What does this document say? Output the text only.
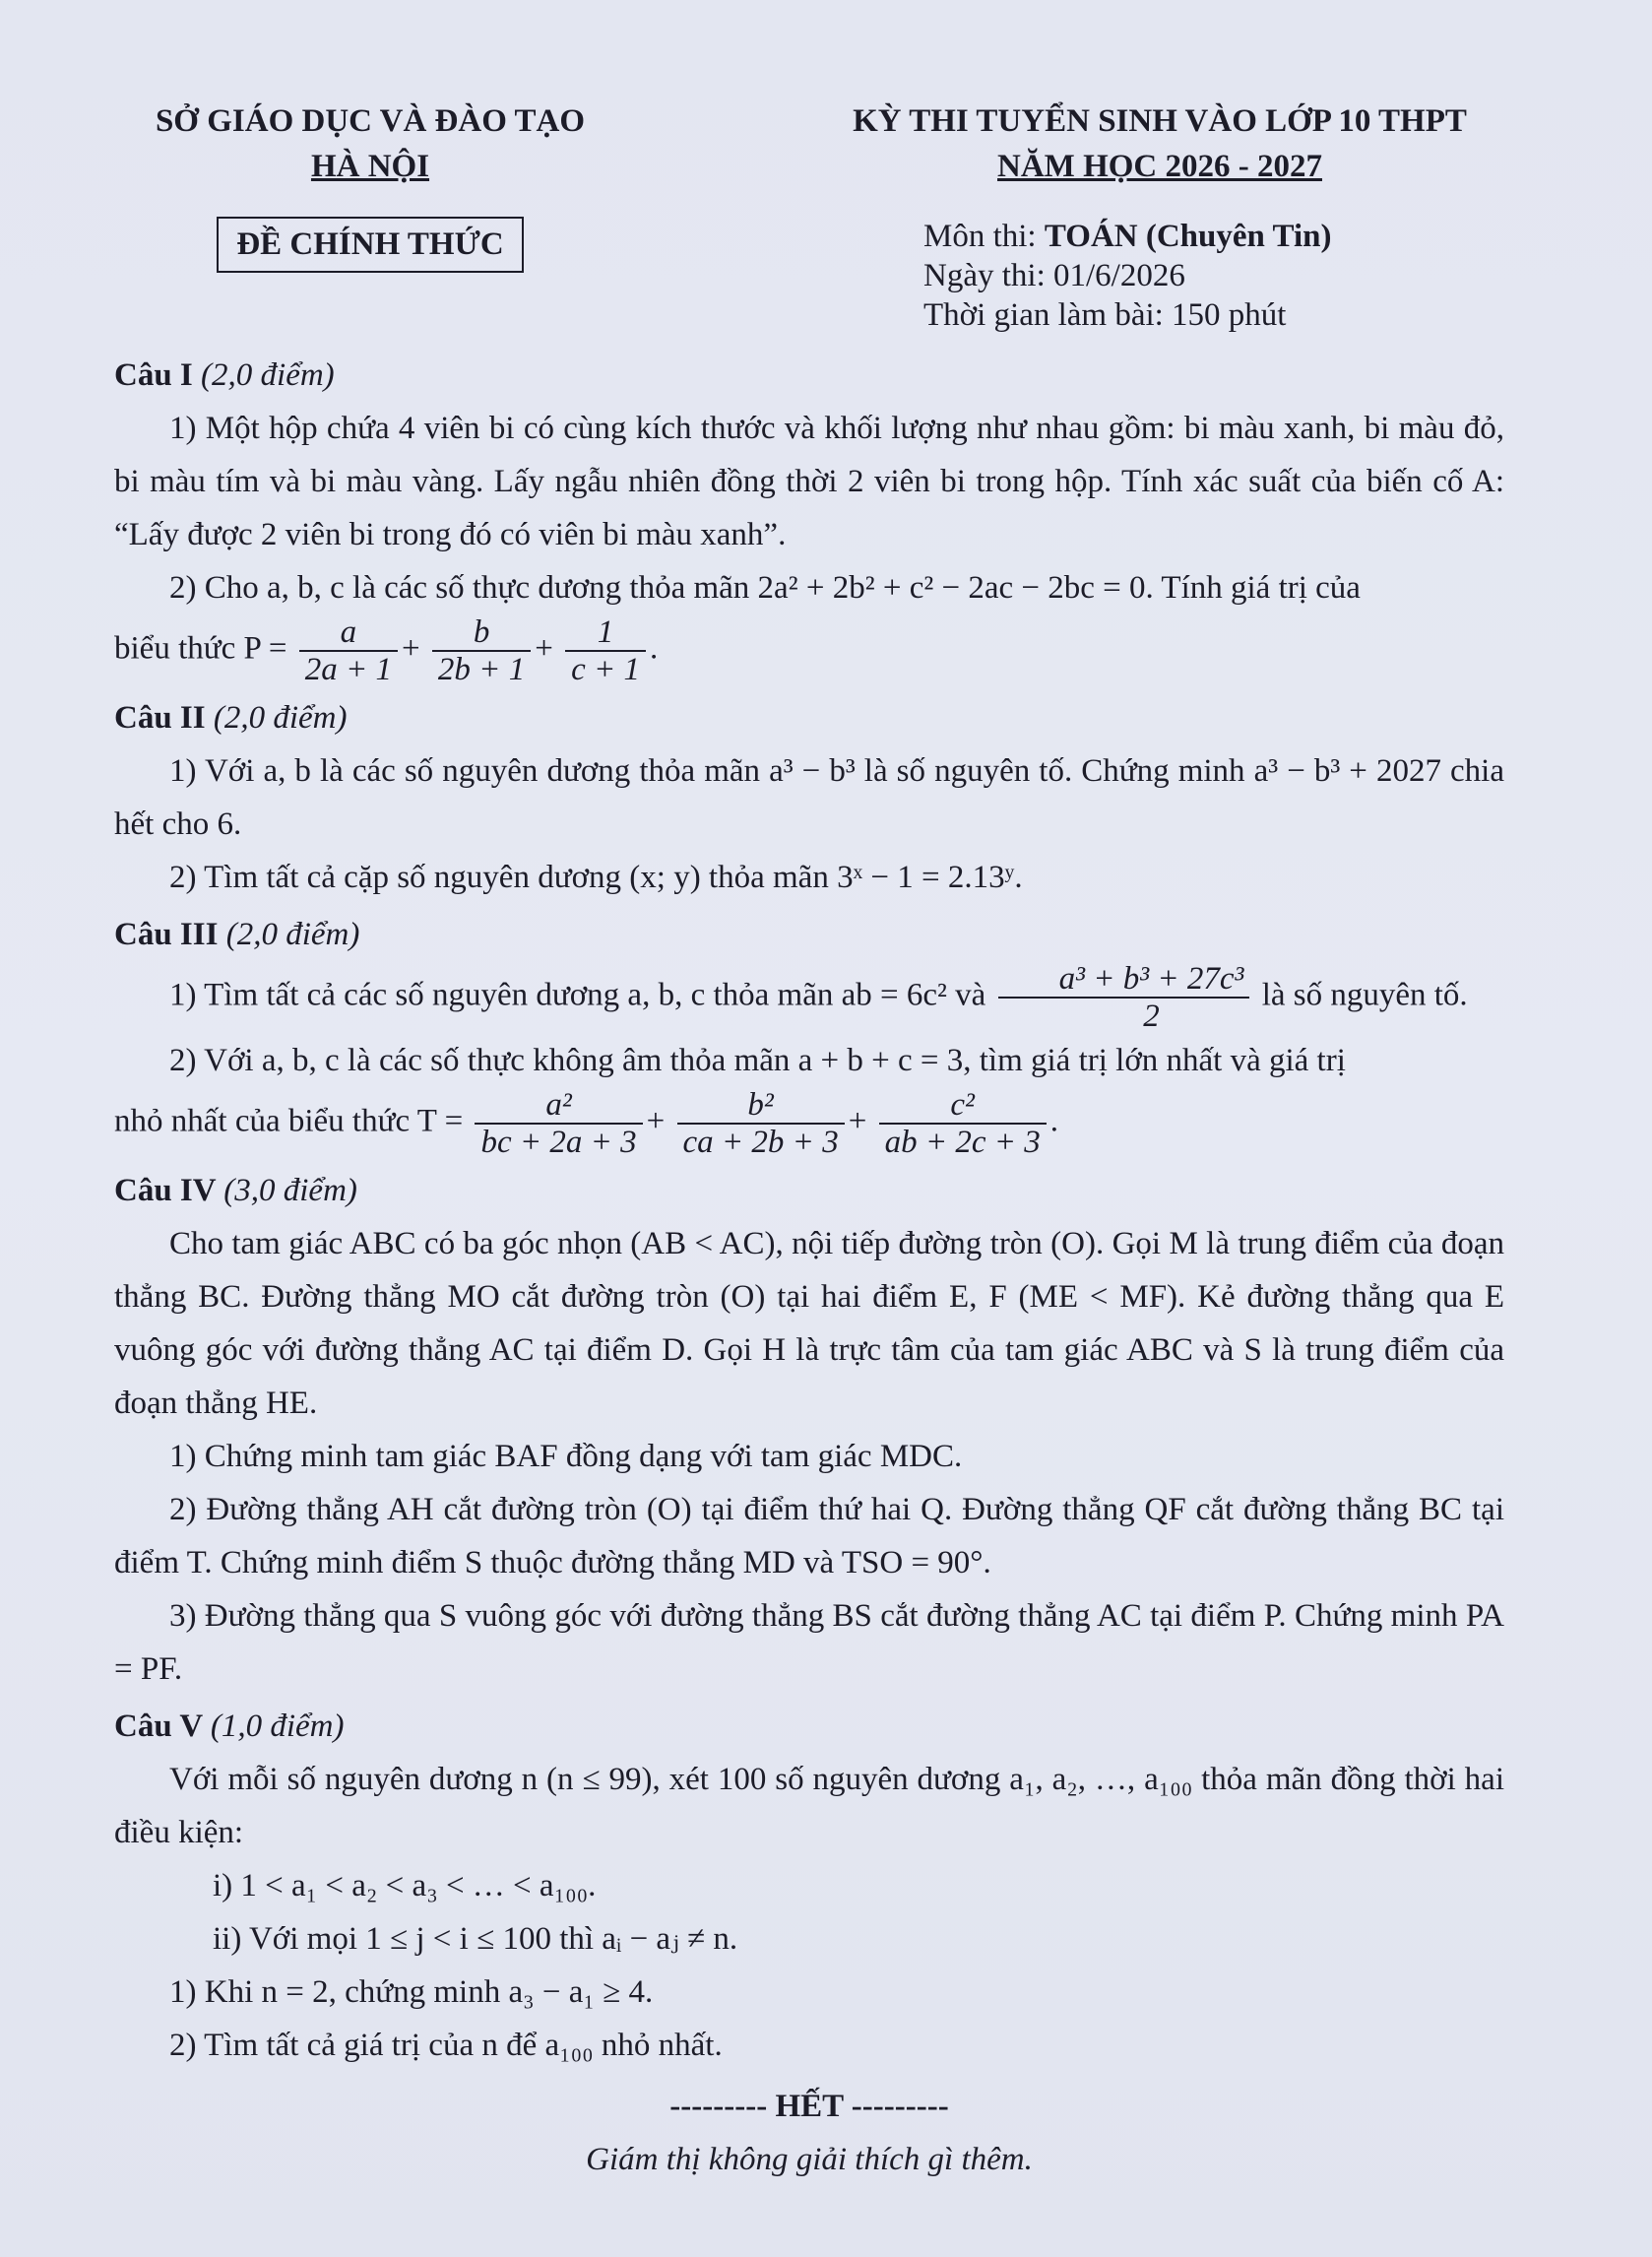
SỞ GIÁO DỤC VÀ ĐÀO TẠO
HÀ NỘI
ĐỀ CHÍNH THỨC
KỲ THI TUYỂN SINH VÀO LỚP 10 THPT
NĂM HỌC 2026 - 2027
Môn thi: TOÁN (Chuyên Tin)
Ngày thi: 01/6/2026
Thời gian làm bài: 150 phút
Câu I (2,0 điểm)
1) Một hộp chứa 4 viên bi có cùng kích thước và khối lượng như nhau gồm: bi màu xanh, bi màu đỏ, bi màu tím và bi màu vàng. Lấy ngẫu nhiên đồng thời 2 viên bi trong hộp. Tính xác suất của biến cố A: “Lấy được 2 viên bi trong đó có viên bi màu xanh”.
2) Cho a, b, c là các số thực dương thỏa mãn 2a² + 2b² + c² − 2ac − 2bc = 0. Tính giá trị của
biểu thức $P = \frac{a}{2a + 1} + \frac{b}{2b + 1} + \frac{1}{c + 1}$ .
Câu II (2,0 điểm)
1) Với a, b là các số nguyên dương thỏa mãn a³ − b³ là số nguyên tố. Chứng minh a³ − b³ + 2027 chia hết cho 6.
2) Tìm tất cả cặp số nguyên dương (x; y) thỏa mãn 3ˣ − 1 = 2.13ʸ.
Câu III (2,0 điểm)
1) Tìm tất cả các số nguyên dương a, b, c thỏa mãn ab = 6c² và $\frac{\text{a³ + b³ + 27c³}}{2}$ là số nguyên tố.
2) Với a, b, c là các số thực không âm thỏa mãn a + b + c = 3, tìm giá trị lớn nhất và giá trị
nhỏ nhất của biểu thức $T = \frac{\text{a²}}{bc + 2a + 3} + \frac{\text{b²}}{ca + 2b + 3} + \frac{\text{c²}}{ab + 2c + 3}$ .
Câu IV (3,0 điểm)
Cho tam giác ABC có ba góc nhọn (AB < AC), nội tiếp đường tròn (O). Gọi M là trung điểm của đoạn thẳng BC. Đường thẳng MO cắt đường tròn (O) tại hai điểm E, F (ME < MF). Kẻ đường thẳng qua E vuông góc với đường thẳng AC tại điểm D. Gọi H là trực tâm của tam giác ABC và S là trung điểm của đoạn thẳng HE.
1) Chứng minh tam giác BAF đồng dạng với tam giác MDC.
2) Đường thẳng AH cắt đường tròn (O) tại điểm thứ hai Q. Đường thẳng QF cắt đường thẳng BC tại điểm T. Chứng minh điểm S thuộc đường thẳng MD và TSO = 90°.
3) Đường thẳng qua S vuông góc với đường thẳng BS cắt đường thẳng AC tại điểm P. Chứng minh PA = PF.
Câu V (1,0 điểm)
Với mỗi số nguyên dương n (n ≤ 99), xét 100 số nguyên dương a₁, a₂, …, a₁₀₀ thỏa mãn đồng thời hai điều kiện:
i) 1 < a₁ < a₂ < a₃ < … < a₁₀₀.
ii) Với mọi 1 ≤ j < i ≤ 100 thì aᵢ − aⱼ ≠ n.
1) Khi n = 2, chứng minh a₃ − a₁ ≥ 4.
2) Tìm tất cả giá trị của n để a₁₀₀ nhỏ nhất.
--------- HẾT ---------
Giám thị không giải thích gì thêm.
